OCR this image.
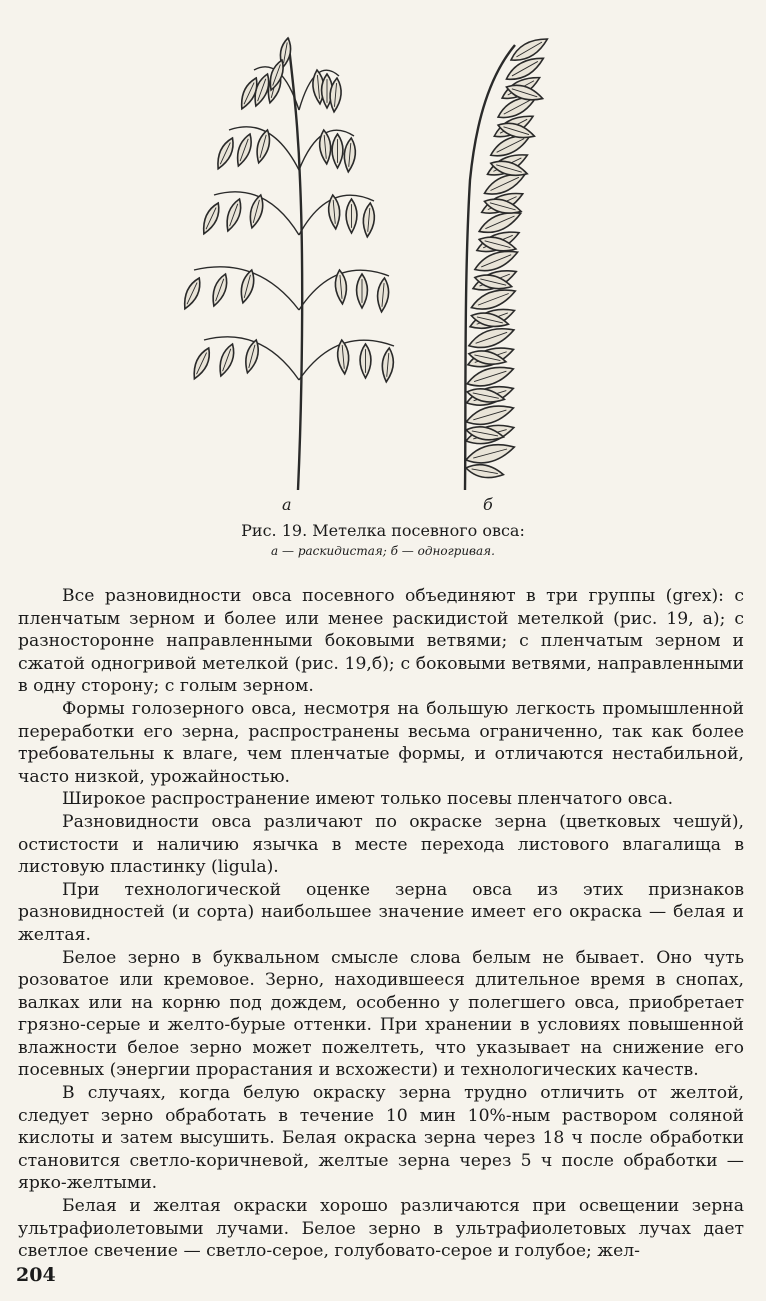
а	б
Рис. 19. Метелка посевного овса:
а — раскидистая; б — одногривая.

Все разновидности овса посевного объединяют в три группы (grex): с пленчатым зерном и более или менее раскидистой метелкой (рис. 19, а); с разносторонне направленными боковыми ветвями; с пленчатым зерном и сжатой одногривой метелкой (рис. 19,б); с боковыми ветвями, направленными в одну сторону; с голым зерном.

Формы голозерного овса, несмотря на большую легкость промышленной переработки его зерна, распространены весьма ограниченно, так как более требовательны к влаге, чем пленчатые формы, и отличаются нестабильной, часто низкой, урожайностью.

Широкое распространение имеют только посевы пленчатого овса.

Разновидности овса различают по окраске зерна (цветковых чешуй), остистости и наличию язычка в месте перехода листового влагалища в листовую пластинку (ligula).

При технологической оценке зерна овса из этих признаков разновидностей (и сорта) наибольшее значение имеет его окраска — белая и желтая.

Белое зерно в буквальном смысле слова белым не бывает. Оно чуть розоватое или кремовое. Зерно, находившееся длительное время в снопах, валках или на корню под дождем, особенно у полегшего овса, приобретает грязно-серые и желто-бурые оттенки. При хранении в условиях повышенной влажности белое зерно может пожелтеть, что указывает на снижение его посевных (энергии прорастания и всхожести) и технологических качеств.

В случаях, когда белую окраску зерна трудно отличить от желтой, следует зерно обработать в течение 10 мин 10%-ным раствором соляной кислоты и затем высушить. Белая окраска зерна через 18 ч после обработки становится светло-коричневой, желтые зерна через 5 ч после обработки — ярко-желтыми.

Белая и желтая окраски хорошо различаются при освещении зерна ультрафиолетовыми лучами. Белое зерно в ультрафиолетовых лучах дает светлое свечение — светло-серое, голубовато-серое и голубое; жел-

204
